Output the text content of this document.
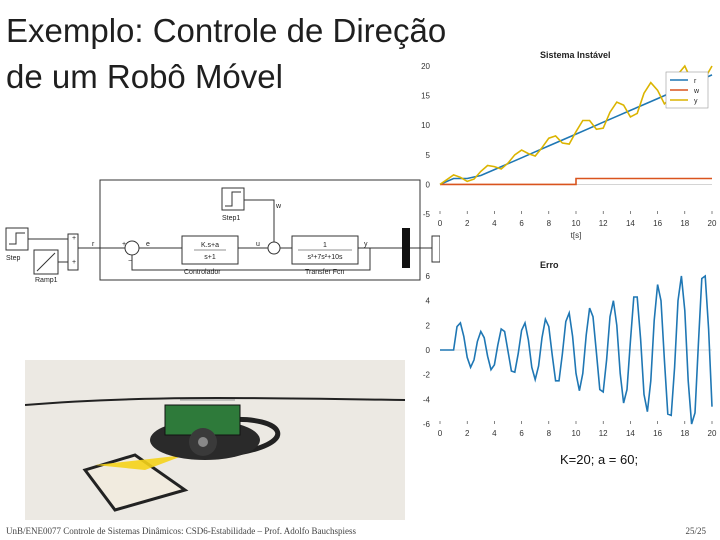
Exemplo: Controle de Direção
de um Robô Móvel
Step
Ramp1
Step1
K.s+a
s+1
Controlador
1
s³+7s²+10s
Transfer Fcn
+
+
+
−
r	e	u	y
w
Sistema Instável
0	2	4	6	8	10 12 14 16 18 20
-5
0
5
10
15
20
t[s]
r
w
y
Erro
0	2	4	6	8	10 12 14 16 18 20
-6
-4
-2
0
2
4
6
K=20; a = 60;
UnB/ENE0077 Controle de Sistemas Dinâmicos: CSD6-Estabilidade – Prof. Adolfo Bauchspiess	25/25
